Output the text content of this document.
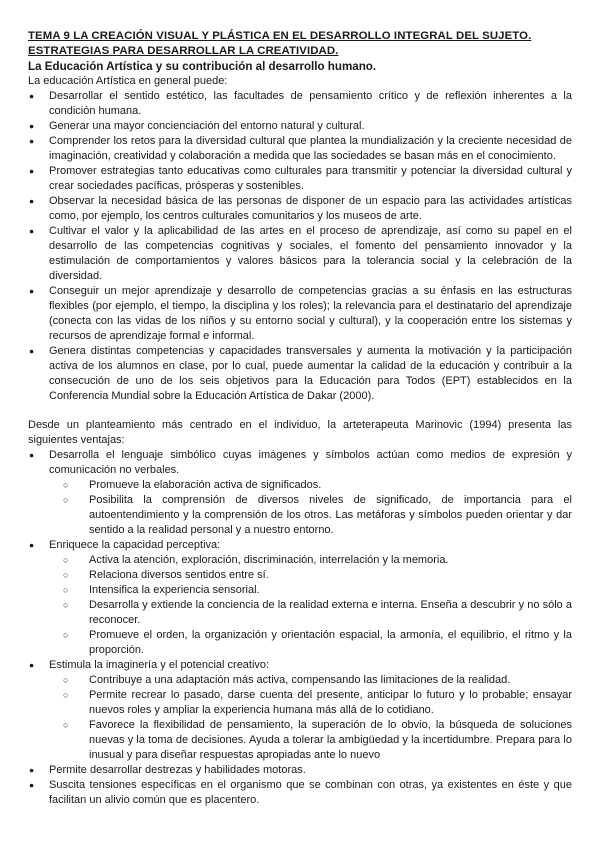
TEMA 9 LA CREACIÓN VISUAL Y PLÁSTICA EN EL DESARROLLO INTEGRAL DEL SUJETO.
ESTRATEGIAS PARA DESARROLLAR LA CREATIVIDAD.

La Educación Artística y su contribución al desarrollo humano.

La educación Artística en general puede:

● Desarrollar el sentido estético, las facultades de pensamiento crítico y de reflexión inherentes a la condición humana.
● Generar una mayor concienciación del entorno natural y cultural.
● Comprender los retos para la diversidad cultural que plantea la mundialización y la creciente necesidad de imaginación, creatividad y colaboración a medida que las sociedades se basan más en el conocimiento.
● Promover estrategias tanto educativas como culturales para transmitir y potenciar la diversidad cultural y crear sociedades pacíficas, prósperas y sostenibles.
● Observar la necesidad básica de las personas de disponer de un espacio para las actividades artísticas como, por ejemplo, los centros culturales comunitarios y los museos de arte.
● Cultivar el valor y la aplicabilidad de las artes en el proceso de aprendizaje, así como su papel en el desarrollo de las competencias cognitivas y sociales, el fomento del pensamiento innovador y la estimulación de comportamientos y valores básicos para la tolerancia social y la celebración de la diversidad.
● Conseguir un mejor aprendizaje y desarrollo de competencias gracias a su énfasis en las estructuras flexibles (por ejemplo, el tiempo, la disciplina y los roles); la relevancia para el destinatario del aprendizaje (conecta con las vidas de los niños y su entorno social y cultural), y la cooperación entre los sistemas y recursos de aprendizaje formal e informal.
● Genera distintas competencias y capacidades transversales y aumenta la motivación y la participación activa de los alumnos en clase, por lo cual, puede aumentar la calidad de la educación y contribuir a la consecución de uno de los seis objetivos para la Educación para Todos (EPT) establecidos en la Conferencia Mundial sobre la Educación Artística de Dakar (2000).

Desde un planteamiento más centrado en el individuo, la arteterapeuta Marinovic (1994) presenta las siguientes ventajas:

● Desarrolla el lenguaje simbólico cuyas imágenes y símbolos actúan como medios de expresión y comunicación no verbales.
○ Promueve la elaboración activa de significados.
○ Posibilita la comprensión de diversos niveles de significado, de importancia para el autoentendimiento y la comprensión de los otros. Las metáforas y símbolos pueden orientar y dar sentido a la realidad personal y a nuestro entorno.
● Enriquece la capacidad perceptiva:
○ Activa la atención, exploración, discriminación, interrelación y la memoria.
○ Relaciona diversos sentidos entre sí.
○ Intensifica la experiencia sensorial.
○ Desarrolla y extiende la conciencia de la realidad externa e interna. Enseña a descubrir y no sólo a reconocer.
○ Promueve el orden, la organización y orientación espacial, la armonía, el equilibrio, el ritmo y la proporción.
● Estimula la imaginería y el potencial creativo:
○ Contribuye a una adaptación más activa, compensando las limitaciones de la realidad.
○ Permite recrear lo pasado, darse cuenta del presente, anticipar lo futuro y lo probable; ensayar nuevos roles y ampliar la experiencia humana más allá de lo cotidiano.
○ Favorece la flexibilidad de pensamiento, la superación de lo obvio, la búsqueda de soluciones nuevas y la toma de decisiones. Ayuda a tolerar la ambigüedad y la incertidumbre. Prepara para lo inusual y para diseñar respuestas apropiadas ante lo nuevo
● Permite desarrollar destrezas y habilidades motoras.
● Suscita tensiones específicas en el organismo que se combinan con otras, ya existentes en éste y que facilitan un alivio común que es placentero.
